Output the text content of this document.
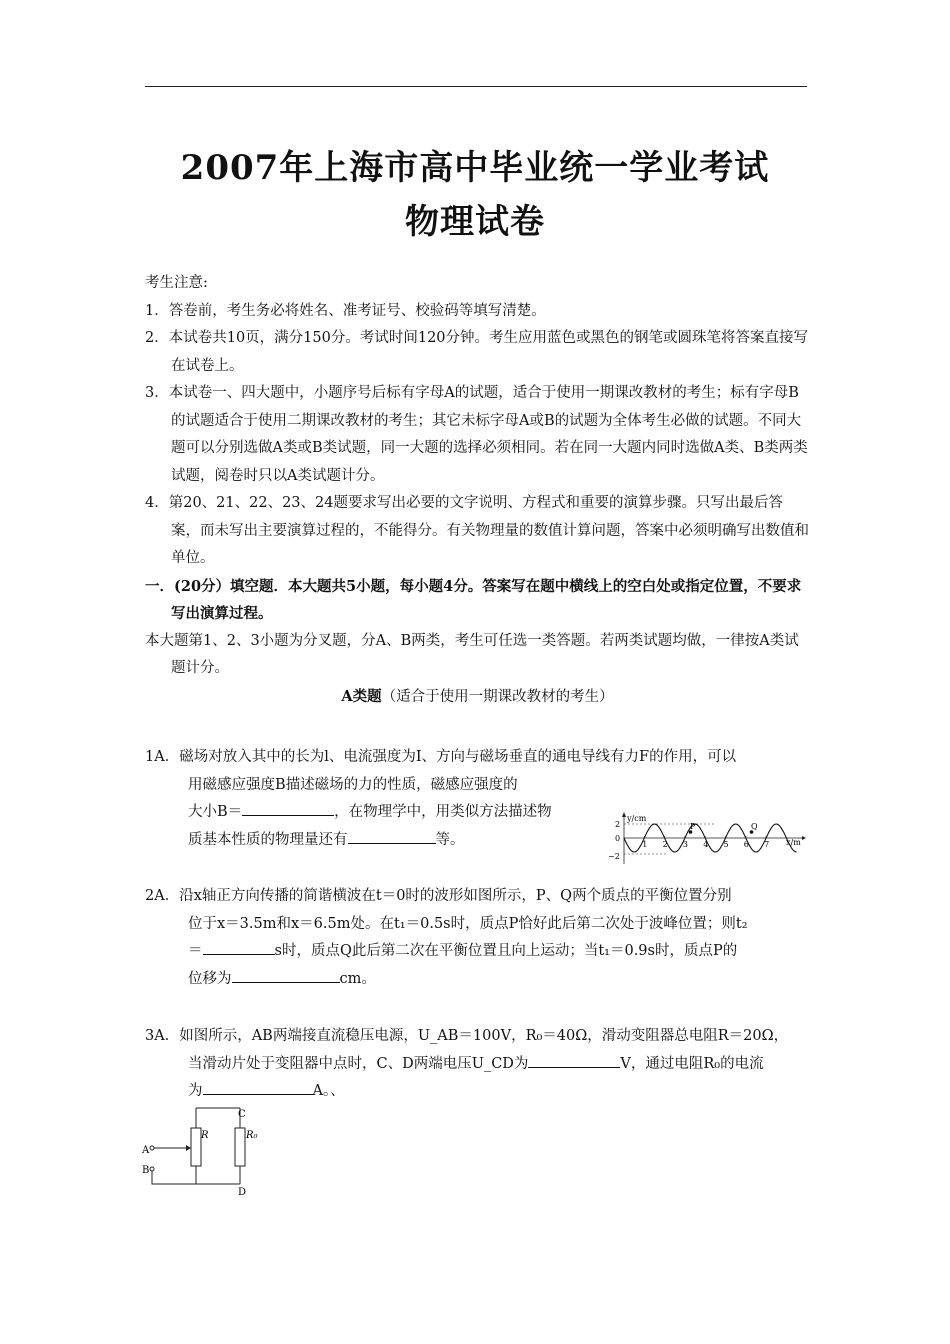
2007年上海市高中毕业统一学业考试
物理试卷

考生注意:

1．答卷前，考生务必将姓名、准考证号、校验码等填写清楚。

2．本试卷共10页，满分150分。考试时间120分钟。考生应用蓝色或黑色的钢笔或圆珠笔将答案直接写在试卷上。

3．本试卷一、四大题中，小题序号后标有字母A的试题，适合于使用一期课改教材的考生；标有字母B的试题适合于使用二期课改教材的考生；其它未标字母A或B的试题为全体考生必做的试题。不同大题可以分别选做A类或B类试题，同一大题的选择必须相同。若在同一大题内同时选做A类、B类两类试题，阅卷时只以A类试题计分。

4．第20、21、22、23、24题要求写出必要的文字说明、方程式和重要的演算步骤。只写出最后答案，而未写出主要演算过程的，不能得分。有关物理量的数值计算问题，答案中必须明确写出数值和单位。

一．(20分）填空题．本大题共5小题，每小题4分。答案写在题中横线上的空白处或指定位置，不要求写出演算过程。

本大题第1、2、3小题为分叉题，分A、B两类，考生可任选一类答题。若两类试题均做，一律按A类试题计分。

A类题（适合于使用一期课改教材的考生）

1A．磁场对放入其中的长为l、电流强度为I、方向与磁场垂直的通电导线有力F的作用，可以

用磁感应强度B描述磁场的力的性质，磁感应强度的

大小B＝	，在物理学中，用类似方法描述物

质基本性质的物理量还有	等。

y/cm
x/m
2
0
−2
1 2 3 4 5 6 7
P	Q

2A．沿x轴正方向传播的简谐横波在t＝0时的波形如图所示，P、Q两个质点的平衡位置分别

位于x＝3.5m和x＝6.5m处。在t₁＝0.5s时，质点P恰好此后第二次处于波峰位置；则t₂

＝	s时，质点Q此后第二次在平衡位置且向上运动；当t₁＝0.9s时，质点P的

位移为	cm。

3A．如图所示，AB两端接直流稳压电源，U_AB＝100V，R₀＝40Ω，滑动变阻器总电阻R＝20Ω，

当滑动片处于变阻器中点时，C、D两端电压U_CD为	V，通过电阻R₀的电流

为	A。、

A
B
C
D
R	R₀
